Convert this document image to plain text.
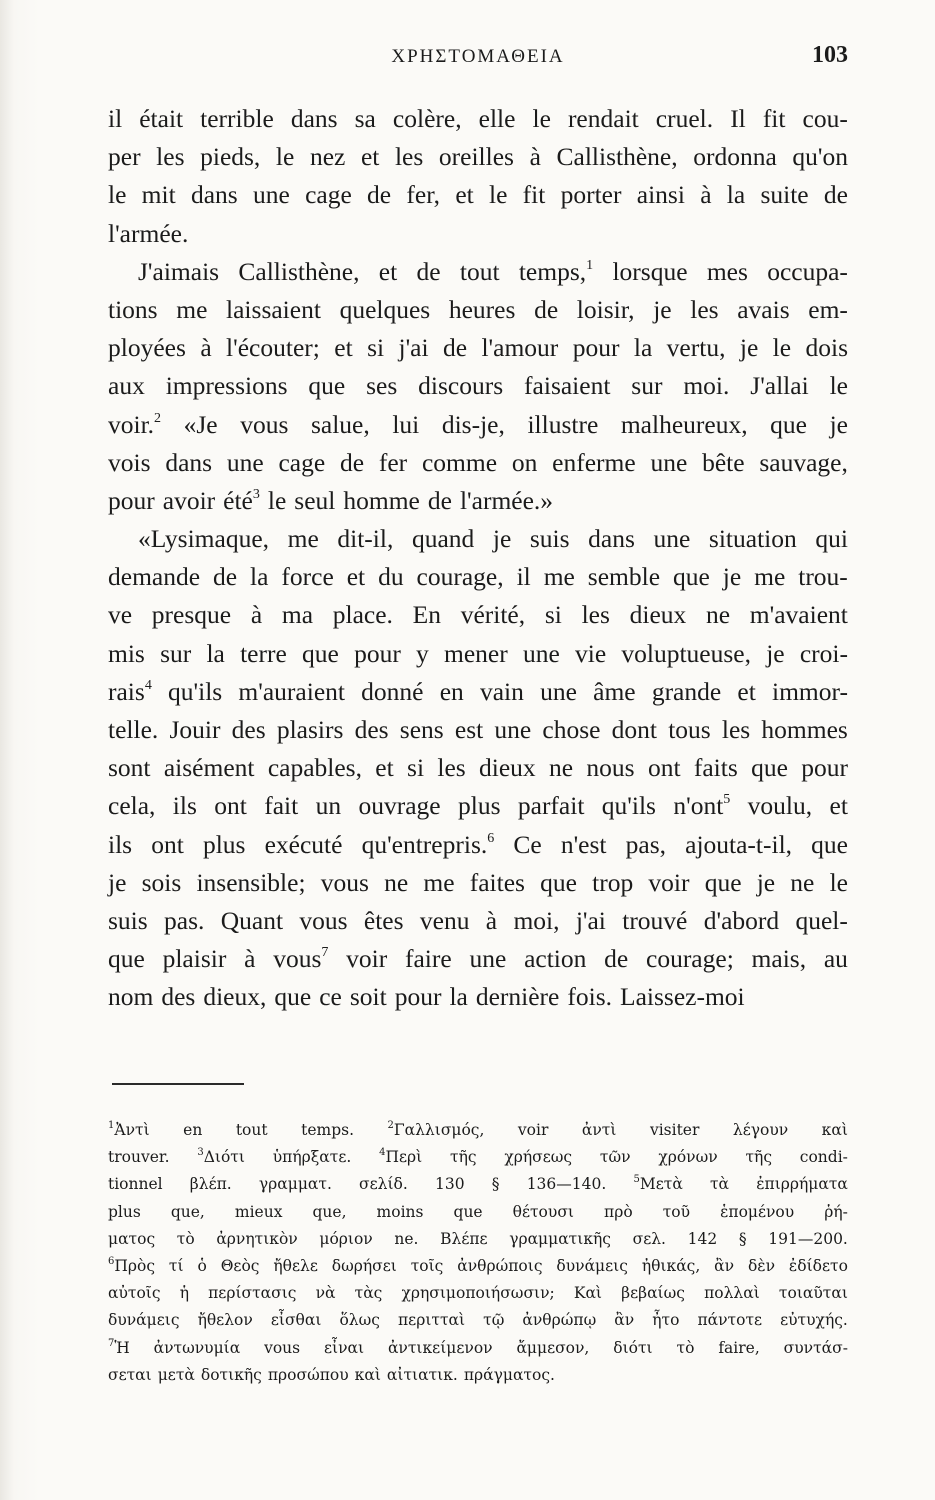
ΧΡΗΣΤΟΜΑΘΕΙΑ	103
il était terrible dans sa colère, elle le rendait cruel. Il fit cou-
per les pieds, le nez et les oreilles à Callisthène, ordonna qu'on
le mit dans une cage de fer, et le fit porter ainsi à la suite de
l'armée.
J'aimais Callisthène, et de tout temps,$^1$ lorsque mes occupa-
tions me laissaient quelques heures de loisir, je les avais em-
ployées à l'écouter; et si j'ai de l'amour pour la vertu, je le dois
aux impressions que ses discours faisaient sur moi. J'allai le
voir.$^2$ «Je vous salue, lui dis-je, illustre malheureux, que je
vois dans une cage de fer comme on enferme une bête sauvage,
pour avoir été$^3$ le seul homme de l'armée.»
«Lysimaque, me dit-il, quand je suis dans une situation qui
demande de la force et du courage, il me semble que je me trou-
ve presque à ma place. En vérité, si les dieux ne m'avaient
mis sur la terre que pour y mener une vie voluptueuse, je croi-
rais$^4$ qu'ils m'auraient donné en vain une âme grande et immor-
telle. Jouir des plasirs des sens est une chose dont tous les hommes
sont aisément capables, et si les dieux ne nous ont faits que pour
cela, ils ont fait un ouvrage plus parfait qu'ils n'ont$^5$ voulu, et
ils ont plus exécuté qu'entrepris.$^6$ Ce n'est pas, ajouta-t-il, que
je sois insensible; vous ne me faites que trop voir que je ne le
suis pas. Quant vous êtes venu à moi, j'ai trouvé d'abord quel-
que plaisir à vous$^7$ voir faire une action de courage; mais, au
nom des dieux, que ce soit pour la dernière fois. Laissez-moi
$^1$Ἀντὶ en tout temps.	$^2$Γαλλισμός, voir ἀντὶ visiter λέγουν καὶ
trouver.	$^3$Διότι ὑπήρξατε.	$^4$Περὶ τῆς χρήσεως τῶν χρόνων τῆς condi-
tionnel βλέπ. γραμματ. σελίδ. 130 § 136—140.	$^5$Μετὰ τὰ ἐπιρρήματα
plus que, mieux que, moins que θέτουσι πρὸ τοῦ ἑπομένου ῥή-
ματος τὸ ἀρνητικὸν μόριον ne. Βλέπε γραμματικῆς σελ. 142 § 191—200.
$^6$Πρὸς τί ὁ Θεὸς ἤθελε δωρήσει τοῖς ἀνθρώποις δυνάμεις ἠθικάς, ἂν δὲν ἐδίδετο
αὐτοῖς ἡ περίστασις νὰ τὰς χρησιμοποιήσωσιν; Καὶ βεβαίως πολλαὶ τοιαῦται
δυνάμεις ἤθελον εἶσθαι ὅλως περιτταὶ τῷ ἀνθρώπῳ ἂν ἦτο πάντοτε εὐτυχής.
$^7$Ἡ ἀντωνυμία vous εἶναι ἀντικείμενον ἄμμεσον, διότι τὸ faire, συντάσ-
σεται μετὰ δοτικῆς προσώπου καὶ αἰτιατικ. πράγματος.
